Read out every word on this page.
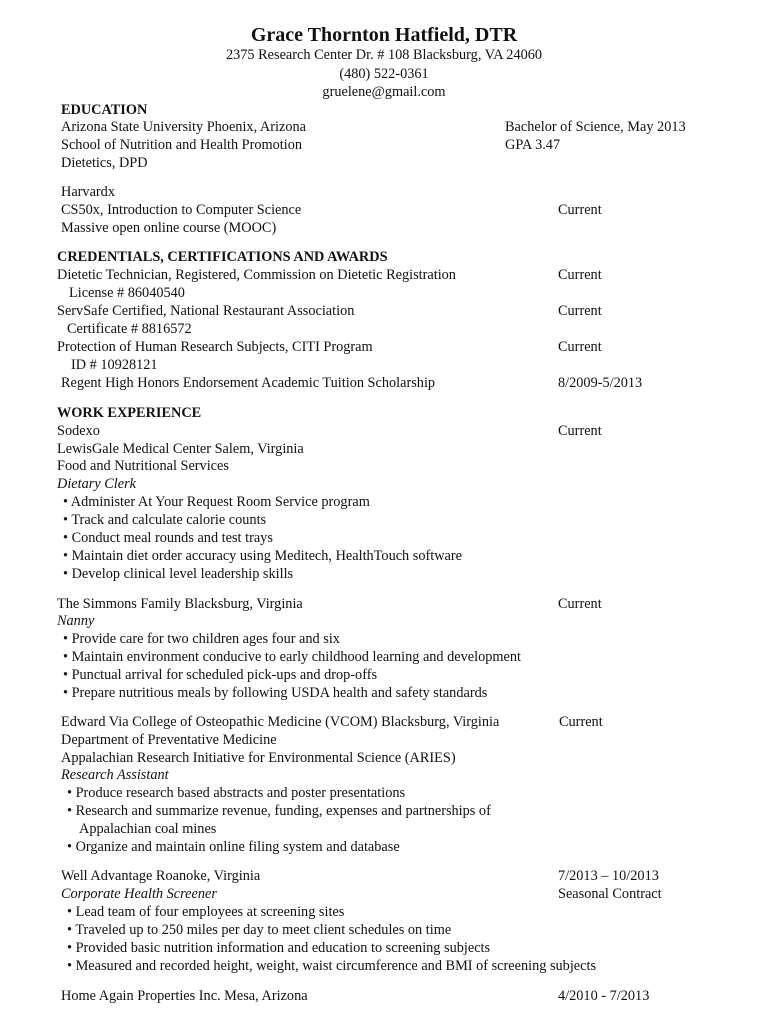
Grace Thornton Hatfield, DTR
2375 Research Center Dr. # 108 Blacksburg, VA 24060
(480) 522-0361
gruelene@gmail.com
EDUCATION
Arizona State University Phoenix, Arizona	Bachelor of Science, May 2013
School of Nutrition and Health Promotion	GPA 3.47
Dietetics, DPD
Harvardx
CS50x, Introduction to Computer Science	Current
Massive open online course (MOOC)
CREDENTIALS, CERTIFICATIONS AND AWARDS
Dietetic Technician, Registered, Commission on Dietetic Registration	Current
License # 86040540
ServSafe Certified, National Restaurant Association	Current
Certificate # 8816572
Protection of Human Research Subjects, CITI Program	Current
ID # 10928121
Regent High Honors Endorsement Academic Tuition Scholarship	8/2009-5/2013
WORK EXPERIENCE
Sodexo	Current
LewisGale Medical Center Salem, Virginia
Food and Nutritional Services
Dietary Clerk
• Administer At Your Request Room Service program
• Track and calculate calorie counts
• Conduct meal rounds and test trays
• Maintain diet order accuracy using Meditech, HealthTouch software
• Develop clinical level leadership skills
The Simmons Family Blacksburg, Virginia	Current
Nanny
• Provide care for two children ages four and six
• Maintain environment conducive to early childhood learning and development
• Punctual arrival for scheduled pick-ups and drop-offs
• Prepare nutritious meals by following USDA health and safety standards
Edward Via College of Osteopathic Medicine (VCOM) Blacksburg, Virginia	Current
Department of Preventative Medicine
Appalachian Research Initiative for Environmental Science (ARIES)
Research Assistant
• Produce research based abstracts and poster presentations
• Research and summarize revenue, funding, expenses and partnerships of
Appalachian coal mines
• Organize and maintain online filing system and database
Well Advantage Roanoke, Virginia	7/2013 – 10/2013
Corporate Health Screener	Seasonal Contract
• Lead team of four employees at screening sites
• Traveled up to 250 miles per day to meet client schedules on time
• Provided basic nutrition information and education to screening subjects
• Measured and recorded height, weight, waist circumference and BMI of screening subjects
Home Again Properties Inc. Mesa, Arizona	4/2010 - 7/2013
